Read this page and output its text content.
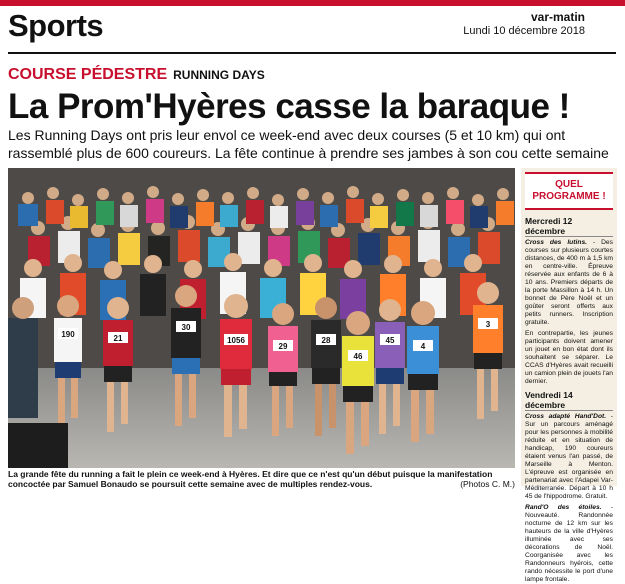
Sports	var-matin
Lundi 10 décembre 2018
COURSE PÉDESTRE RUNNING DAYS
La Prom'Hyères casse la baraque !
Les Running Days ont pris leur envol ce week-end avec deux courses (5 et 10 km) qui ont rassemblé plus de 600 coureurs. La fête continue à prendre ses jambes à son cou cette semaine
190
1056
29
46
45
3
30
21
4
28
La grande fête du running a fait le plein ce week-end à Hyères. Et dire que ce n'est qu'un début puisque la manifestation concoctée par Samuel Bonaudo se poursuit cette semaine avec de multiples rendez-vous.	(Photos C. M.)
QUEL
PROGRAMME !
Mercredi 12 décembre

Cross des lutins. - Des courses sur plusieurs courtes distances, de 400 m à 1,5 km en centre-ville. Épreuve réservée aux enfants de 6 à 10 ans. Premiers départs de la porte Massillon à 14 h. Un bonnet de Père Noël et un goûter seront offerts aux petits runners. Inscription gratuite.

En contrepartie, les jeunes participants doivent amener un jouet en bon état dont ils souhaitent se séparer. Le CCAS d'Hyères avait recueilli un camion plein de jouets l'an dernier.

Vendredi 14 décembre

Cross adapté Hand'Dot. - Sur un parcours aménagé pour les personnes à mobilité réduite et en situation de handicap, 190 coureurs étaient venus l'an passé, de Marseille à Menton. L'épreuve est organisée en partenariat avec l'Adapei Var-Méditerranée. Départ à 10 h 45 de l'hippodrome. Gratuit.

Rand'O des étoiles. - Nouveauté. Randonnée nocturne de 12 km sur les hauteurs de la ville d'Hyères illuminée avec ses décorations de Noël. Coorganisée avec les Randonneurs hyérois, cette rando nécessite le port d'une lampe frontale.
